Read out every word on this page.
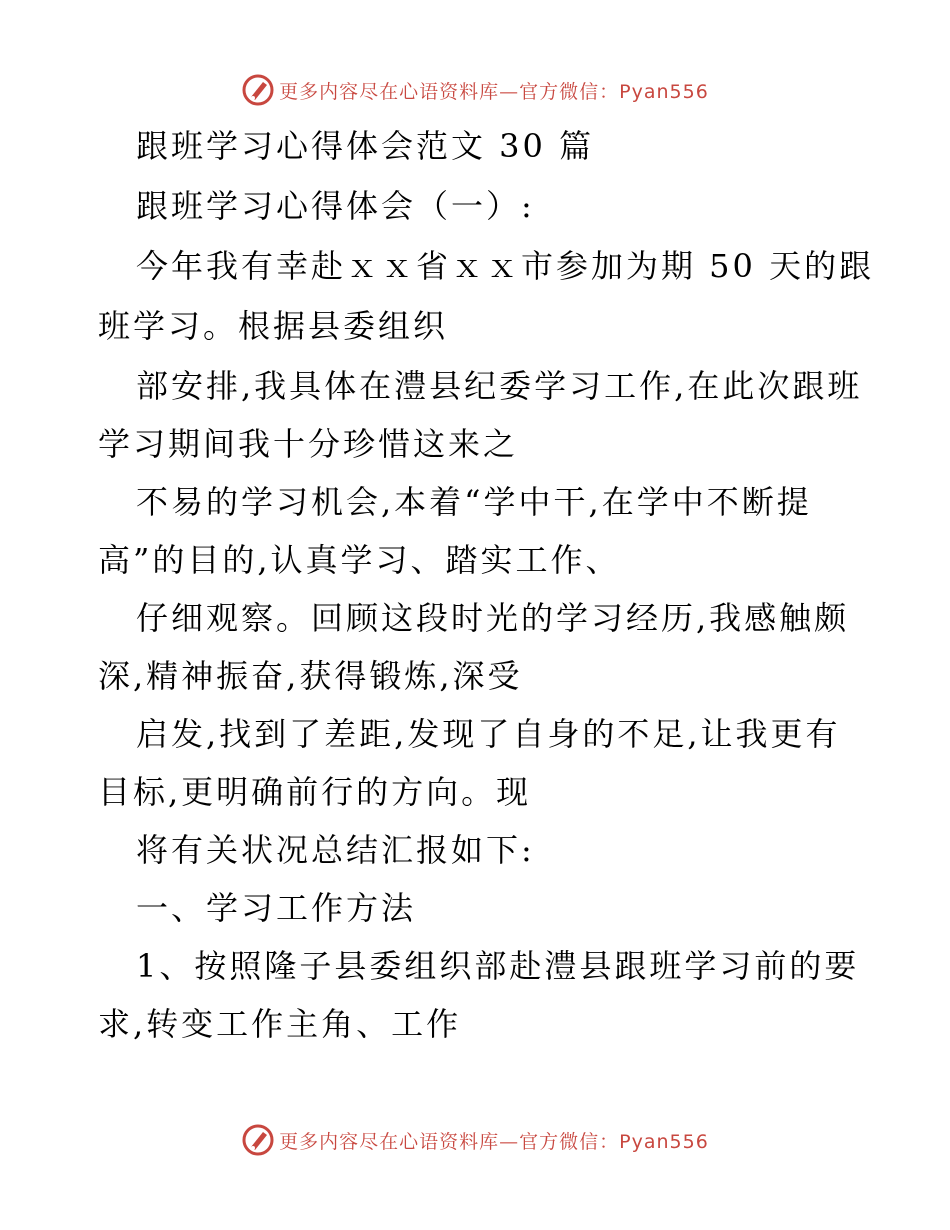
更多内容尽在心语资料库—官方微信：Pyan556
跟班学习心得体会范文 30 篇
跟班学习心得体会（一）:
今年我有幸赴ｘｘ省ｘｘ市参加为期 50 天的跟
班学习。根据县委组织
部安排,我具体在澧县纪委学习工作,在此次跟班
学习期间我十分珍惜这来之
不易的学习机会,本着“学中干,在学中不断提
高”的目的,认真学习、踏实工作、
仔细观察。回顾这段时光的学习经历,我感触颇
深,精神振奋,获得锻炼,深受
启发,找到了差距,发现了自身的不足,让我更有
目标,更明确前行的方向。现
将有关状况总结汇报如下:
一、学习工作方法
1、按照隆子县委组织部赴澧县跟班学习前的要
求,转变工作主角、工作
更多内容尽在心语资料库—官方微信：Pyan556
